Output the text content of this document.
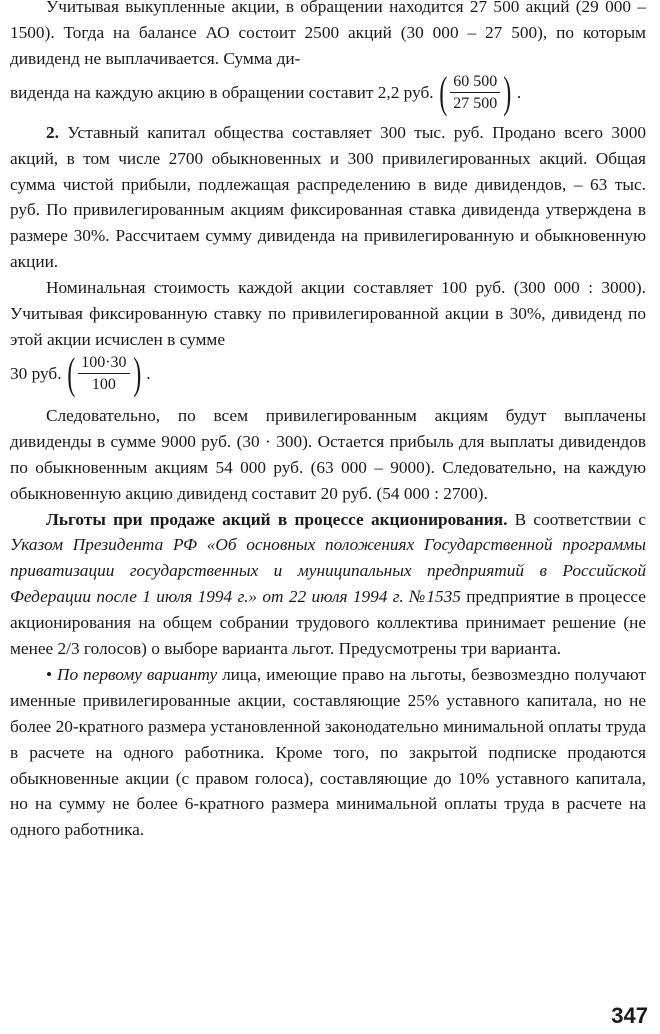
Учитывая выкупленные акции, в обращении находится 27 500 акций (29 000 – 1500). Тогда на балансе АО состоит 2500 акций (30 000 – 27 500), по которым дивиденд не выплачивается. Сумма ди-

виденда на каждую акцию в обращении составит 2,2 руб. ( $\frac{60 500}{27 500}$ ) .

2. Уставный капитал общества составляет 300 тыс. руб. Продано всего 3000 акций, в том числе 2700 обыкновенных и 300 привилегированных акций. Общая сумма чистой прибыли, подлежащая распределению в виде дивидендов, – 63 тыс. руб. По привилегированным акциям фиксированная ставка дивиденда утверждена в размере 30%. Рассчитаем сумму дивиденда на привилегированную и обыкновенную акции.

Номинальная стоимость каждой акции составляет 100 руб. (300 000 : 3000). Учитывая фиксированную ставку по привилегированной акции в 30%, дивиденд по этой акции исчислен в сумме

30 руб. ( $\frac{100\cdot 30}{100}$ ) .

Следовательно, по всем привилегированным акциям будут выплачены дивиденды в сумме 9000 руб. (30 · 300). Остается прибыль для выплаты дивидендов по обыкновенным акциям 54 000 руб. (63 000 – 9000). Следовательно, на каждую обыкновенную акцию дивиденд составит 20 руб. (54 000 : 2700).

Льготы при продаже акций в процессе акционирования. В соответствии с Указом Президента РФ «Об основных положениях Государственной программы приватизации государственных и муниципальных предприятий в Российской Федерации после 1 июля 1994 г.» от 22 июля 1994 г. №1535 предприятие в процессе акционирования на общем собрании трудового коллектива принимает решение (не менее 2/3 голосов) о выборе варианта льгот. Предусмотрены три варианта.

• По первому варианту лица, имеющие право на льготы, безвозмездно получают именные привилегированные акции, составляющие 25% уставного капитала, но не более 20-кратного размера установленной законодательно минимальной оплаты труда в расчете на одного работника. Кроме того, по закрытой подписке продаются обыкновенные акции (с правом голоса), составляющие до 10% уставного капитала, но на сумму не более 6-кратного размера минимальной оплаты труда в расчете на одного работника.

347
